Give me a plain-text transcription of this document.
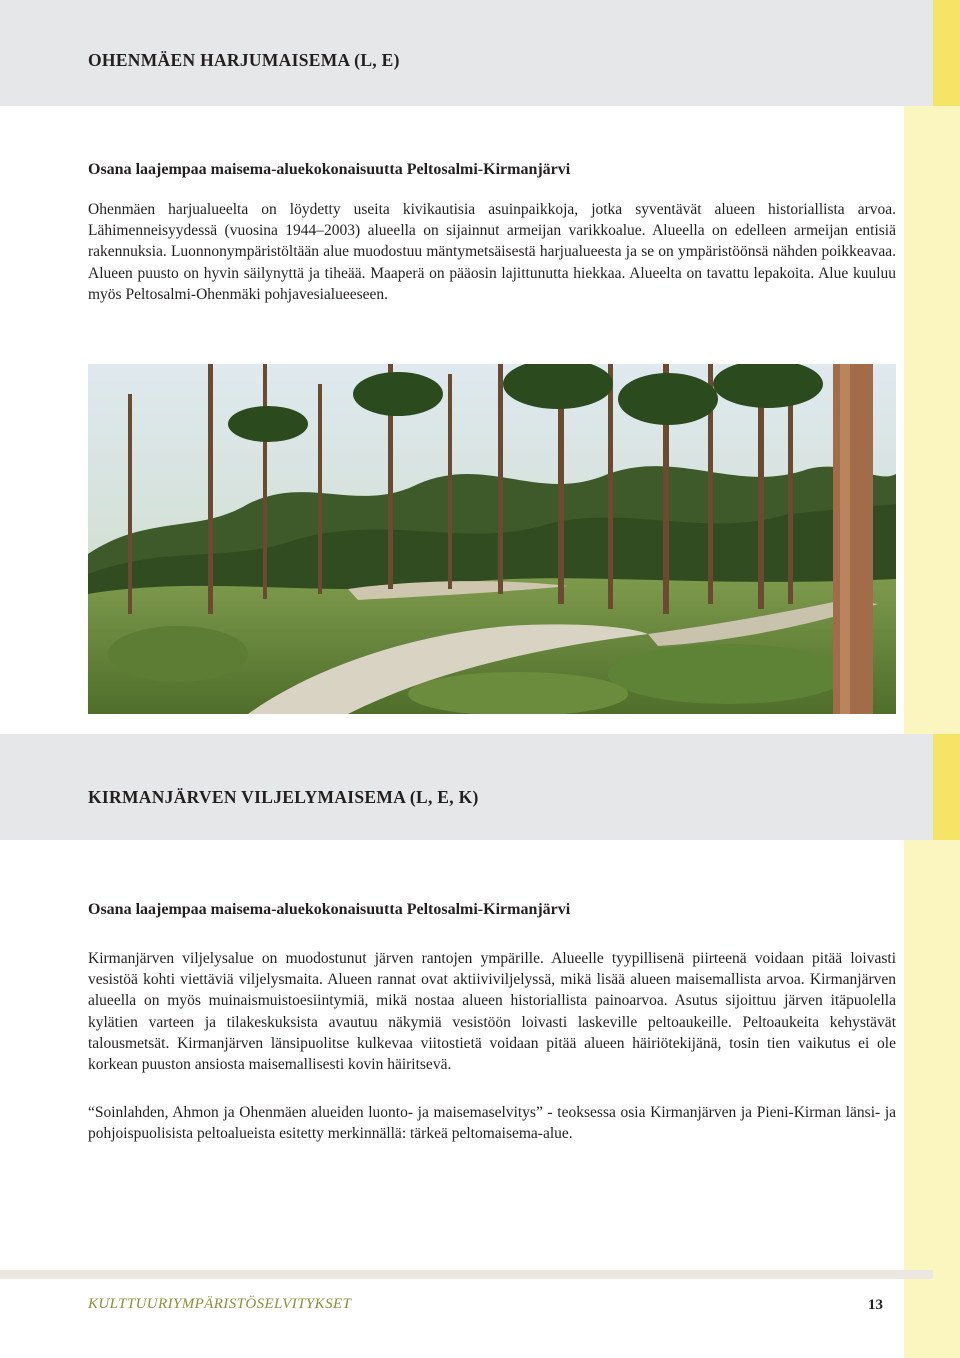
OHENMÄEN HARJUMAISEMA (L, E)

Osana laajempaa maisema-aluekokonaisuutta Peltosalmi-Kirmanjärvi

Ohenmäen harjualueelta on löydetty useita kivikautisia asuinpaikkoja, jotka syventävät alueen historiallista arvoa. Lähimenneisyydessä (vuosina 1944–2003) alueella on sijainnut armeijan varikkoalue. Alueella on edelleen armeijan entisiä rakennuksia. Luonnonympäristöltään alue muodostuu mäntymetsäisestä harjualueesta ja se on ympäristöönsä nähden poikkeavaa. Alueen puusto on hyvin säilynyttä ja tiheää. Maaperä on pääosin lajittunutta hiekkaa. Alueelta on tavattu lepakoita. Alue kuuluu myös Peltosalmi-Ohenmäki pohjavesialueeseen.

KIRMANJÄRVEN VILJELYMAISEMA (L, E, K)

Osana laajempaa maisema-aluekokonaisuutta Peltosalmi-Kirmanjärvi

Kirmanjärven viljelysalue on muodostunut järven rantojen ympärille. Alueelle tyypillisenä piirteenä voidaan pitää loivasti vesistöä kohti viettäviä viljelysmaita. Alueen rannat ovat aktiiviviljelyssä, mikä lisää alueen maisemallista arvoa. Kirmanjärven alueella on myös muinaismuistoesiintymiä, mikä nostaa alueen historiallista painoarvoa. Asutus sijoittuu järven itäpuolella kylätien varteen ja tilakeskuksista avautuu näkymiä vesistöön loivasti laskeville peltoaukeille. Peltoaukeita kehystävät talousmetsät. Kirmanjärven länsipuolitse kulkevaa viitostietä voidaan pitää alueen häiriötekijänä, tosin tien vaikutus ei ole korkean puuston ansiosta maisemallisesti kovin häiritsevä.

“Soinlahden, Ahmon ja Ohenmäen alueiden luonto- ja maisemaselvitys” - teoksessa osia Kirmanjärven ja Pieni-Kirman länsi- ja pohjoispuolisista peltoalueista esitetty merkinnällä: tärkeä peltomaisema-alue.

KULTTUURIYMPÄRISTÖSELVITYKSET	13
